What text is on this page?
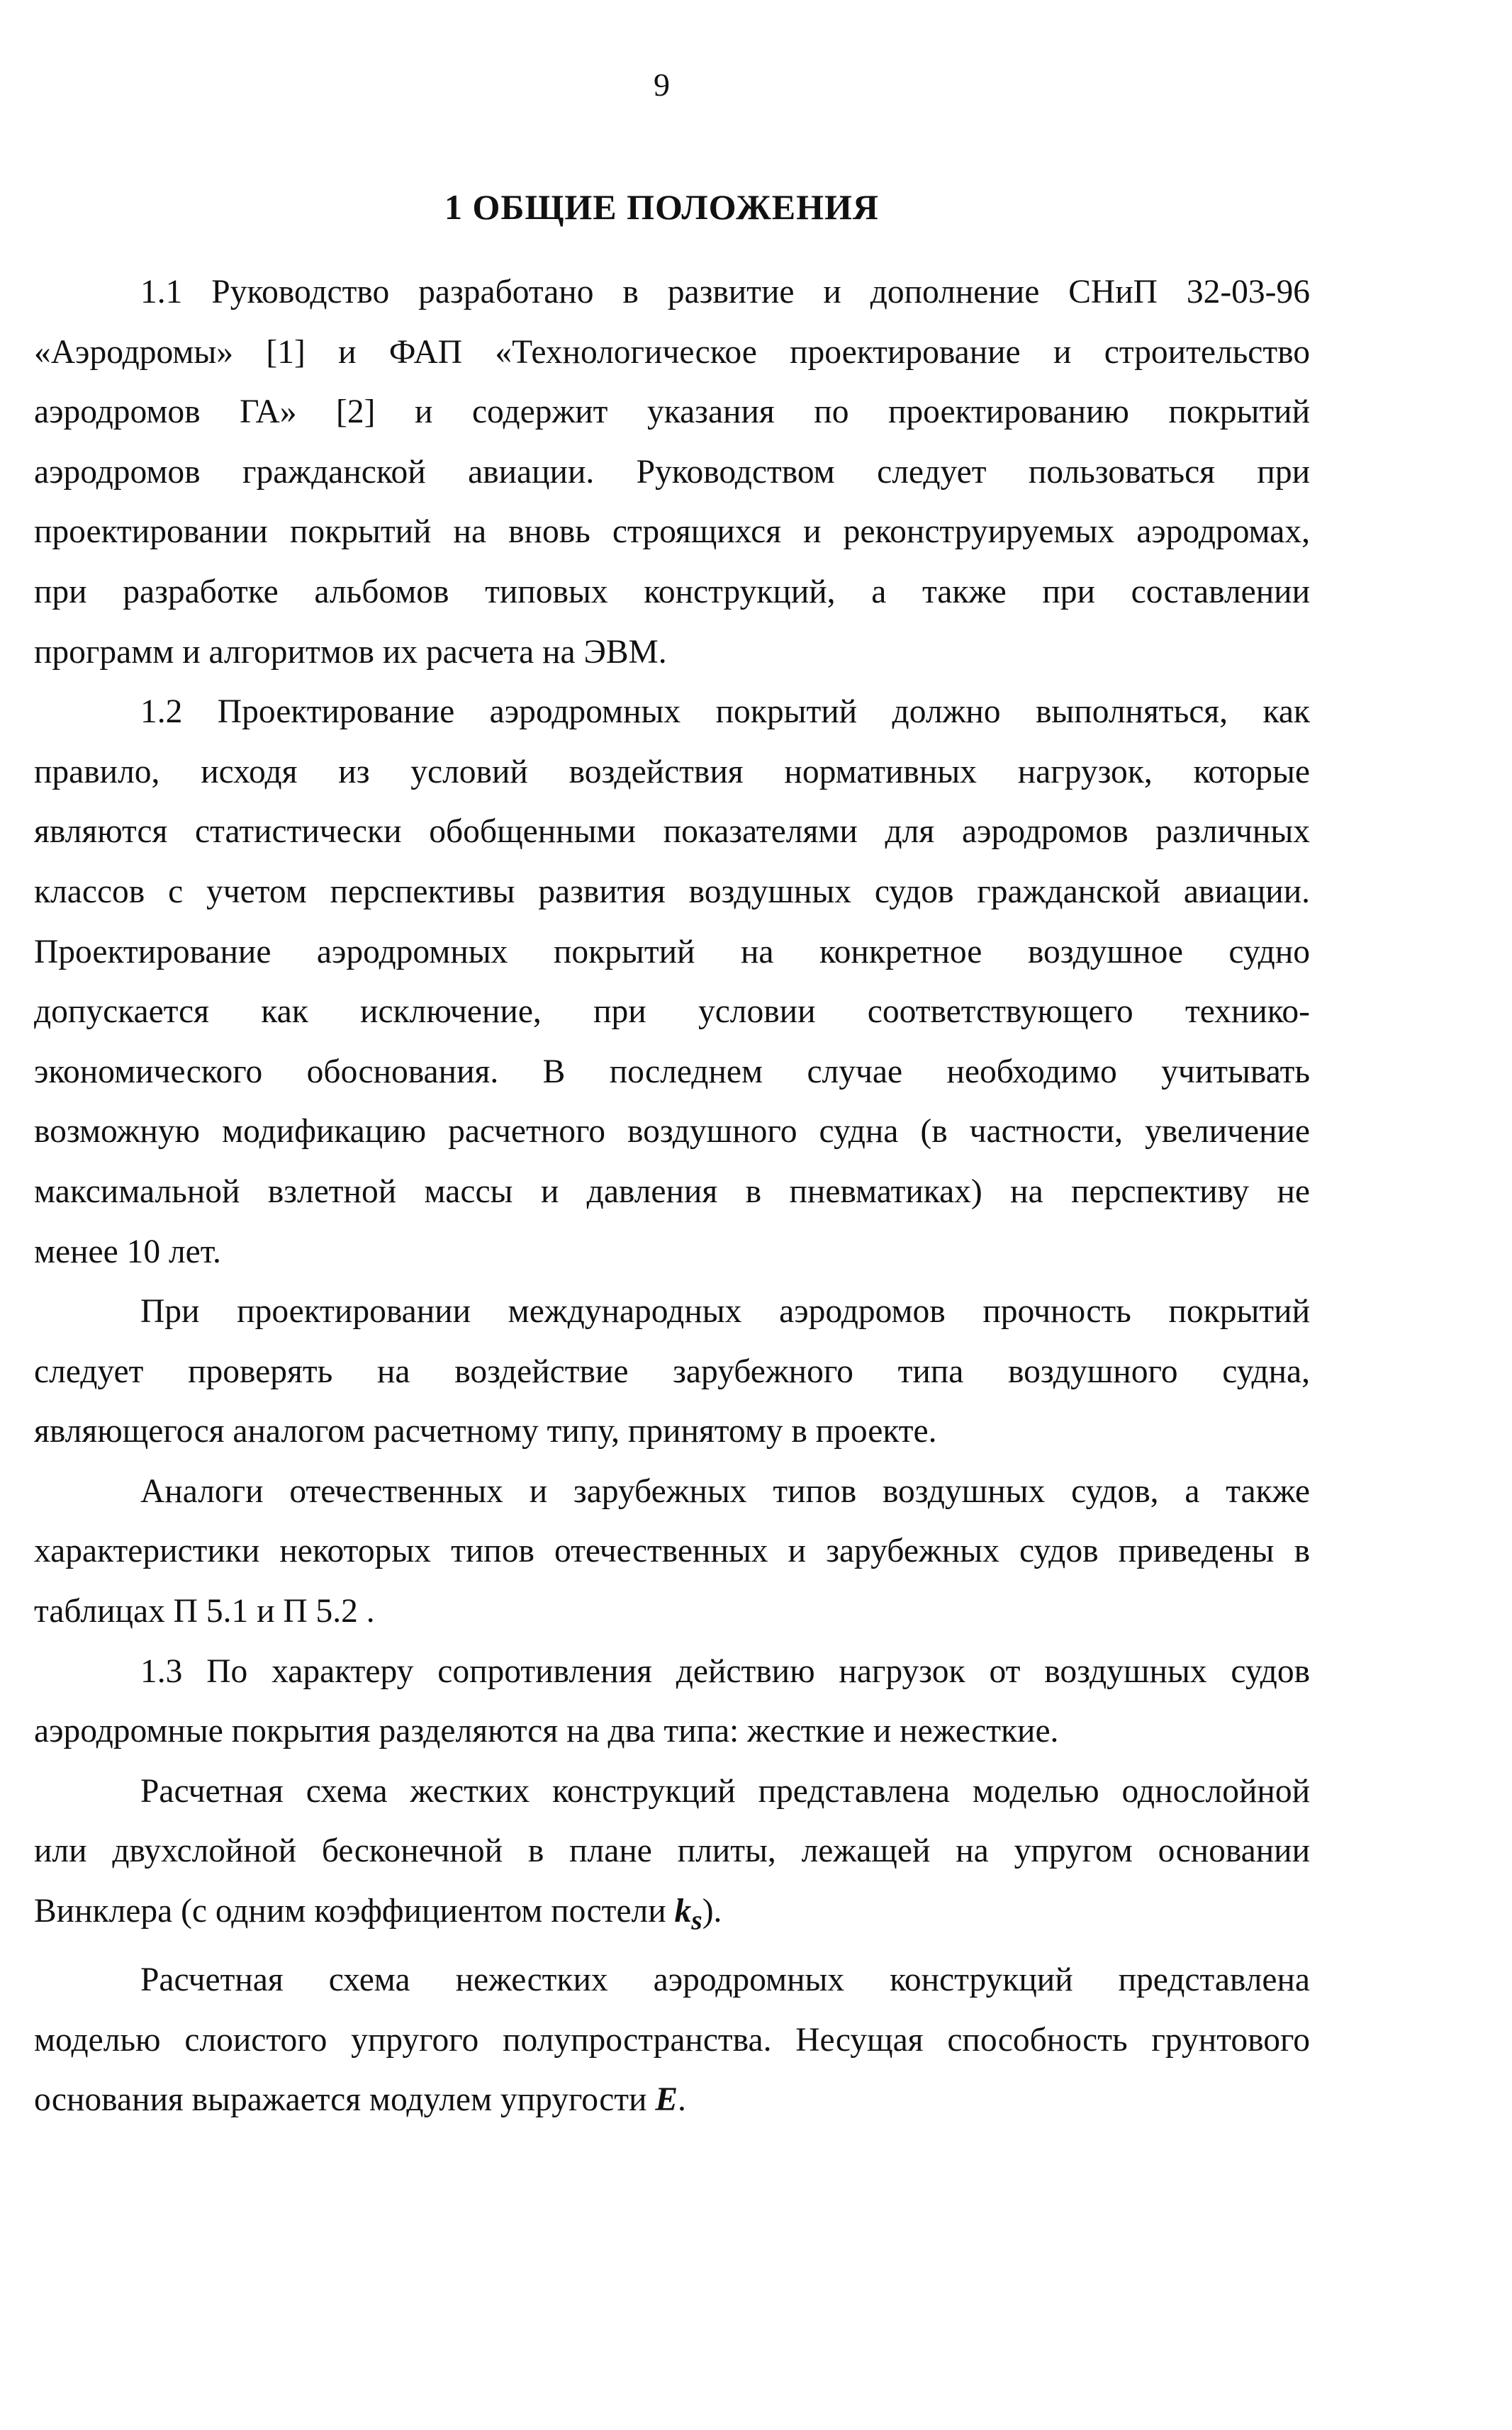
9
1 ОБЩИЕ ПОЛОЖЕНИЯ

1.1 Руководство разработано в развитие и дополнение СНиП 32-03-96
«Аэродромы» [1] и ФАП «Технологическое проектирование и строительство
аэродромов ГА» [2] и содержит указания по проектированию покрытий
аэродромов гражданской авиации. Руководством следует пользоваться при
проектировании покрытий на вновь строящихся и реконструируемых аэродромах,
при разработке альбомов типовых конструкций, а также при составлении
программ и алгоритмов их расчета на ЭВМ.

1.2 Проектирование аэродромных покрытий должно выполняться, как
правило, исходя из условий воздействия нормативных нагрузок, которые
являются статистически обобщенными показателями для аэродромов различных
классов с учетом перспективы развития воздушных судов гражданской авиации.
Проектирование аэродромных покрытий на конкретное воздушное судно
допускается как исключение, при условии соответствующего технико-
экономического обоснования. В последнем случае необходимо учитывать
возможную модификацию расчетного воздушного судна (в частности, увеличение
максимальной взлетной массы и давления в пневматиках) на перспективу не
менее 10 лет.

При проектировании международных аэродромов прочность покрытий
следует проверять на воздействие зарубежного типа воздушного судна,
являющегося аналогом расчетному типу, принятому в проекте.

Аналоги отечественных и зарубежных типов воздушных судов, а также
характеристики некоторых типов отечественных и зарубежных судов приведены в
таблицах П 5.1 и П 5.2 .

1.3 По характеру сопротивления действию нагрузок от воздушных судов
аэродромные покрытия разделяются на два типа: жесткие и нежесткие.

Расчетная схема жестких конструкций представлена моделью однослойной
или двухслойной бесконечной в плане плиты, лежащей на упругом основании
Винклера (с одним коэффициентом постели $k_s$).

Расчетная схема нежестких аэродромных конструкций представлена
моделью слоистого упругого полупространства. Несущая способность грунтового
основания выражается модулем упругости E.
